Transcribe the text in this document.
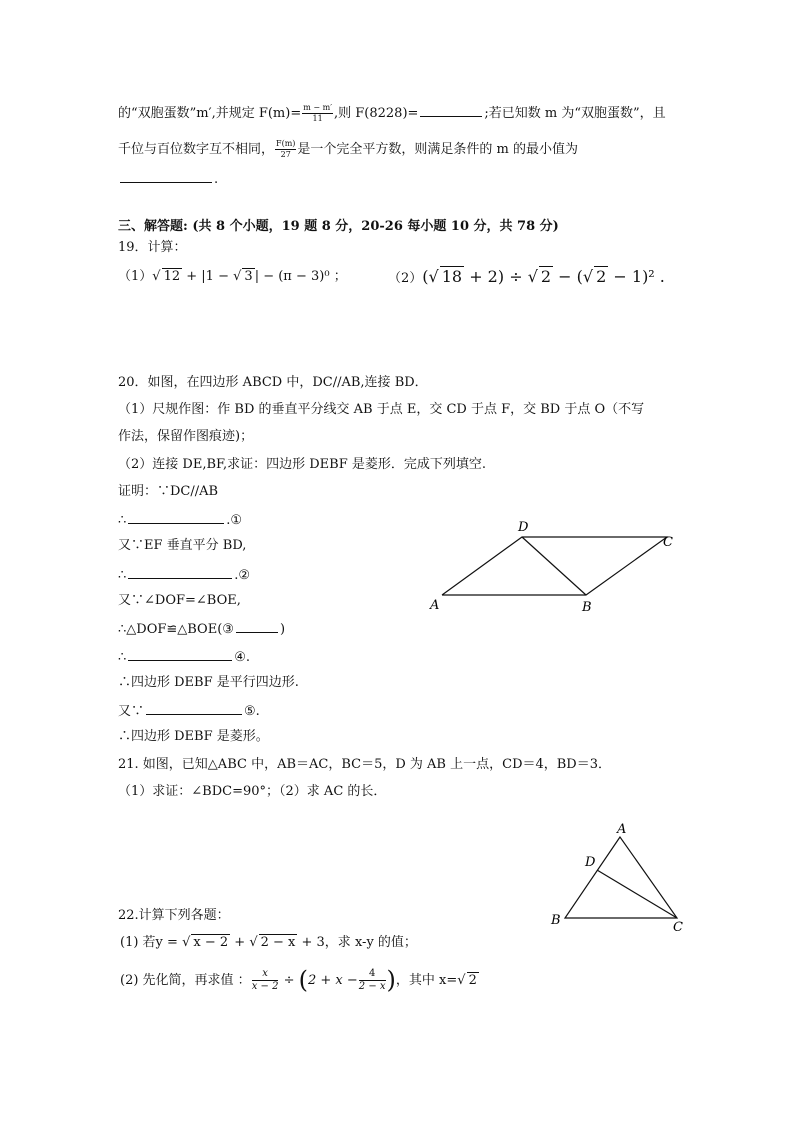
的“双胞蛋数”m′,并规定 $F(m)= \frac{m - m'}{11}$ ,则 F(8228)=	;若已知数 m 为“双胞蛋数”，且
千位与百位数字互不相同， $\frac{F(m)}{27}$ 是一个完全平方数，则满足条件的 m 的最小值为
.
三、解答题: (共 8 个小题，19 题 8 分，20-26 每小题 10 分，共 78 分)
19．计算：
（1）√ 12 + |1 − √ 3 | − (π − 3)⁰ ；	（2）(√ 18 + 2) ÷ √ 2 − (√ 2 − 1)² .
20．如图，在四边形 ABCD 中，DC//AB,连接 BD．
（1）尺规作图：作 BD 的垂直平分线交 AB 于点 E，交 CD 于点 F，交 BD 于点 O（不写
作法，保留作图痕迹)；
（2）连接 DE,BF,求证：四边形 DEBF 是菱形．完成下列填空.
证明：∵DC//AB
∴	.①
又∵EF 垂直平分 BD,
∴	.②
又∵∠DOF=∠BOE,
∴△DOF≌△BOE(③	)
∴	④.
∴四边形 DEBF 是平行四边形.
又∵	⑤.
∴四边形 DEBF 是菱形。
D
C
A	B
21. 如图，已知△ABC 中，AB＝AC，BC＝5，D 为 AB 上一点，CD＝4，BD＝3．
（1）求证：∠BDC=90°；（2）求 AC 的长．
A
D
B	C
22.计算下列各题：
(1) 若y = √ x − 2 + √ 2 − x + 3，求 x-y 的值；
(2) 先化简，再求值 ： $\frac{x}{x - 2} \div (2 + x - \frac{4}{2 - x}$ )，其中 x=√ 2
